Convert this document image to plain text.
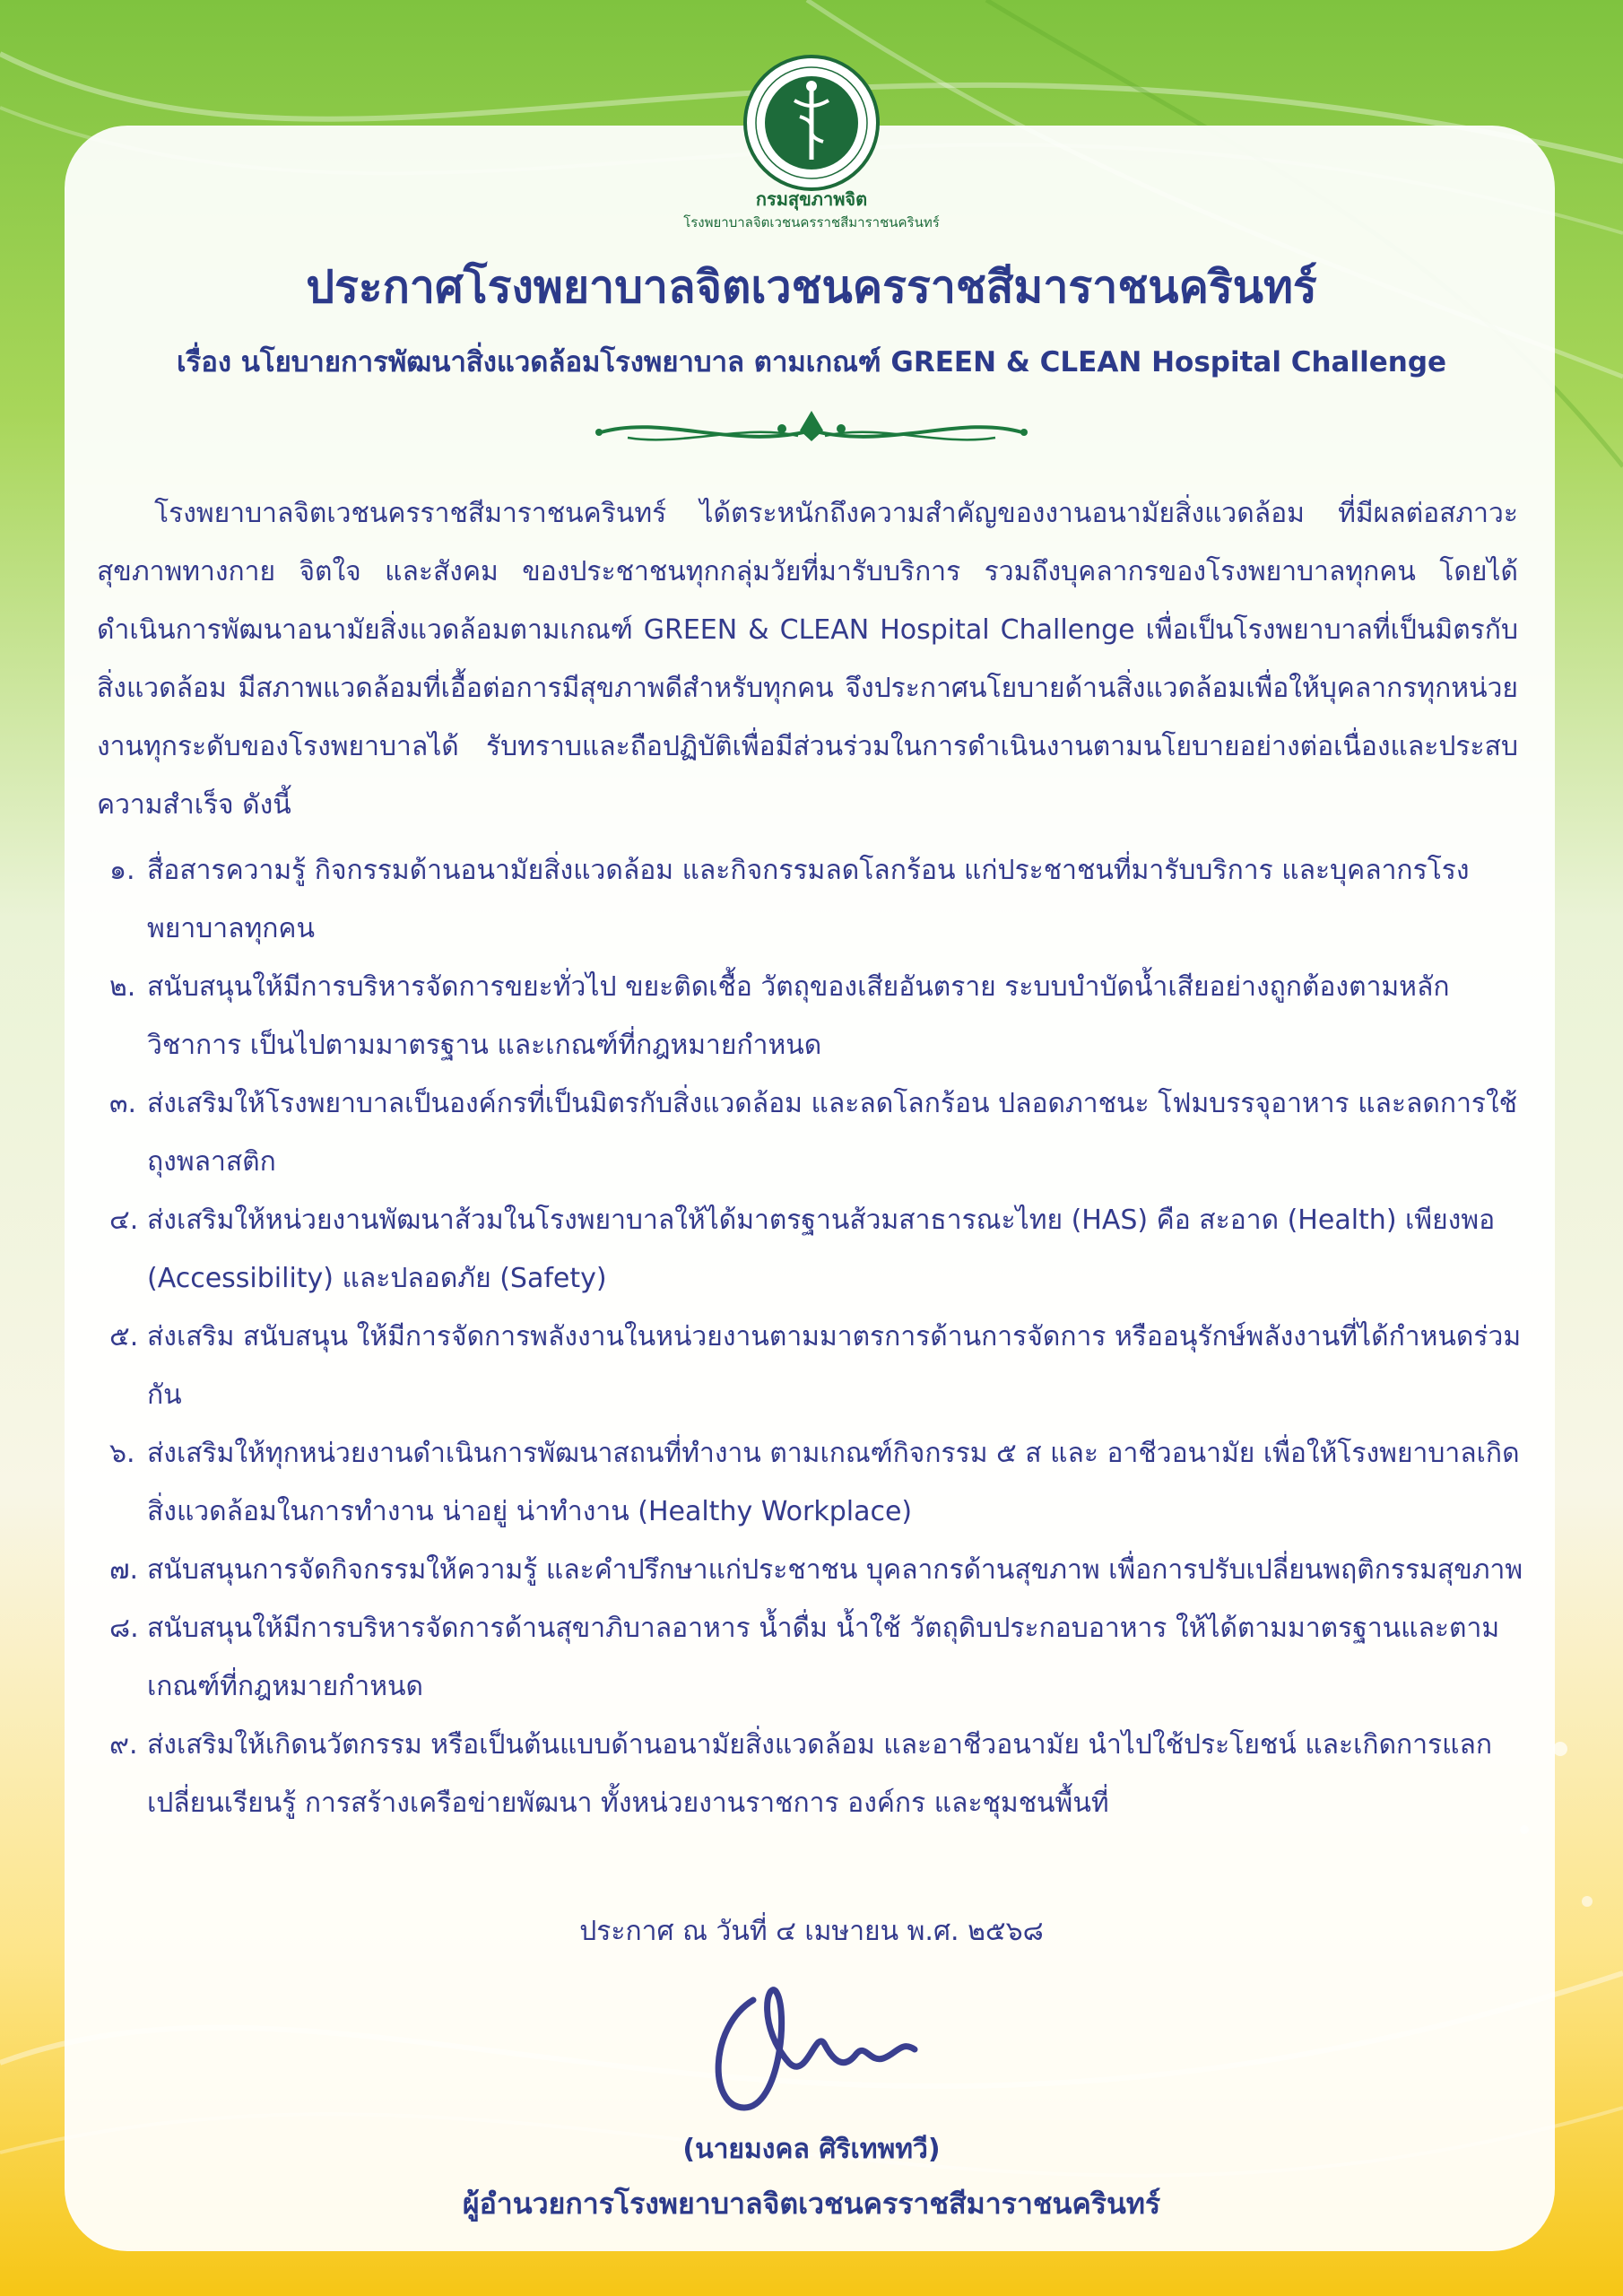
กรมสุขภาพจิต
โรงพยาบาลจิตเวชนครราชสีมาราชนครินทร์
ประกาศโรงพยาบาลจิตเวชนครราชสีมาราชนครินทร์
เรื่อง นโยบายการพัฒนาสิ่งแวดล้อมโรงพยาบาล ตามเกณฑ์ GREEN & CLEAN Hospital Challenge
โรงพยาบาลจิตเวชนครราชสีมาราชนครินทร์ ได้ตระหนักถึงความสำคัญของงานอนามัยสิ่งแวดล้อม ที่มีผลต่อสภาวะสุขภาพทางกาย จิตใจ และสังคม ของประชาชนทุกกลุ่มวัยที่มารับบริการ รวมถึงบุคลากรของโรงพยาบาลทุกคน โดยได้ดำเนินการพัฒนาอนามัยสิ่งแวดล้อมตามเกณฑ์ GREEN & CLEAN Hospital Challenge เพื่อเป็นโรงพยาบาลที่เป็นมิตรกับสิ่งแวดล้อม มีสภาพแวดล้อมที่เอื้อต่อการมีสุขภาพดีสำหรับทุกคน จึงประกาศนโยบายด้านสิ่งแวดล้อมเพื่อให้บุคลากรทุกหน่วยงานทุกระดับของโรงพยาบาลได้ รับทราบและถือปฏิบัติเพื่อมีส่วนร่วมในการดำเนินงานตามนโยบายอย่างต่อเนื่องและประสบความสำเร็จ ดังนี้
๑. สื่อสารความรู้ กิจกรรมด้านอนามัยสิ่งแวดล้อม และกิจกรรมลดโลกร้อน แก่ประชาชนที่มารับบริการ และบุคลากรโรงพยาบาลทุกคน
๒. สนับสนุนให้มีการบริหารจัดการขยะทั่วไป ขยะติดเชื้อ วัตถุของเสียอันตราย ระบบบำบัดน้ำเสียอย่างถูกต้องตามหลักวิชาการ เป็นไปตามมาตรฐาน และเกณฑ์ที่กฎหมายกำหนด
๓. ส่งเสริมให้โรงพยาบาลเป็นองค์กรที่เป็นมิตรกับสิ่งแวดล้อม และลดโลกร้อน ปลอดภาชนะ โฟมบรรจุอาหาร และลดการใช้ถุงพลาสติก
๔. ส่งเสริมให้หน่วยงานพัฒนาส้วมในโรงพยาบาลให้ได้มาตรฐานส้วมสาธารณะไทย (HAS) คือ สะอาด (Health) เพียงพอ (Accessibility) และปลอดภัย (Safety)
๕. ส่งเสริม สนับสนุน ให้มีการจัดการพลังงานในหน่วยงานตามมาตรการด้านการจัดการ หรืออนุรักษ์พลังงานที่ได้กำหนดร่วมกัน
๖. ส่งเสริมให้ทุกหน่วยงานดำเนินการพัฒนาสถนที่ทำงาน ตามเกณฑ์กิจกรรม ๕ ส และ อาชีวอนามัย เพื่อให้โรงพยาบาลเกิดสิ่งแวดล้อมในการทำงาน น่าอยู่ น่าทำงาน (Healthy Workplace)
๗. สนับสนุนการจัดกิจกรรมให้ความรู้ และคำปรึกษาแก่ประชาชน บุคลากรด้านสุขภาพ เพื่อการปรับเปลี่ยนพฤติกรรมสุขภาพ
๘. สนับสนุนให้มีการบริหารจัดการด้านสุขาภิบาลอาหาร น้ำดื่ม น้ำใช้ วัตถุดิบประกอบอาหาร ให้ได้ตามมาตรฐานและตามเกณฑ์ที่กฎหมายกำหนด
๙. ส่งเสริมให้เกิดนวัตกรรม หรือเป็นต้นแบบด้านอนามัยสิ่งแวดล้อม และอาชีวอนามัย นำไปใช้ประโยชน์ และเกิดการแลกเปลี่ยนเรียนรู้ การสร้างเครือข่ายพัฒนา ทั้งหน่วยงานราชการ องค์กร และชุมชนพื้นที่
ประกาศ ณ วันที่ ๔ เมษายน พ.ศ. ๒๕๖๘
(นายมงคล ศิริเทพทวี)
ผู้อำนวยการโรงพยาบาลจิตเวชนครราชสีมาราชนครินทร์
